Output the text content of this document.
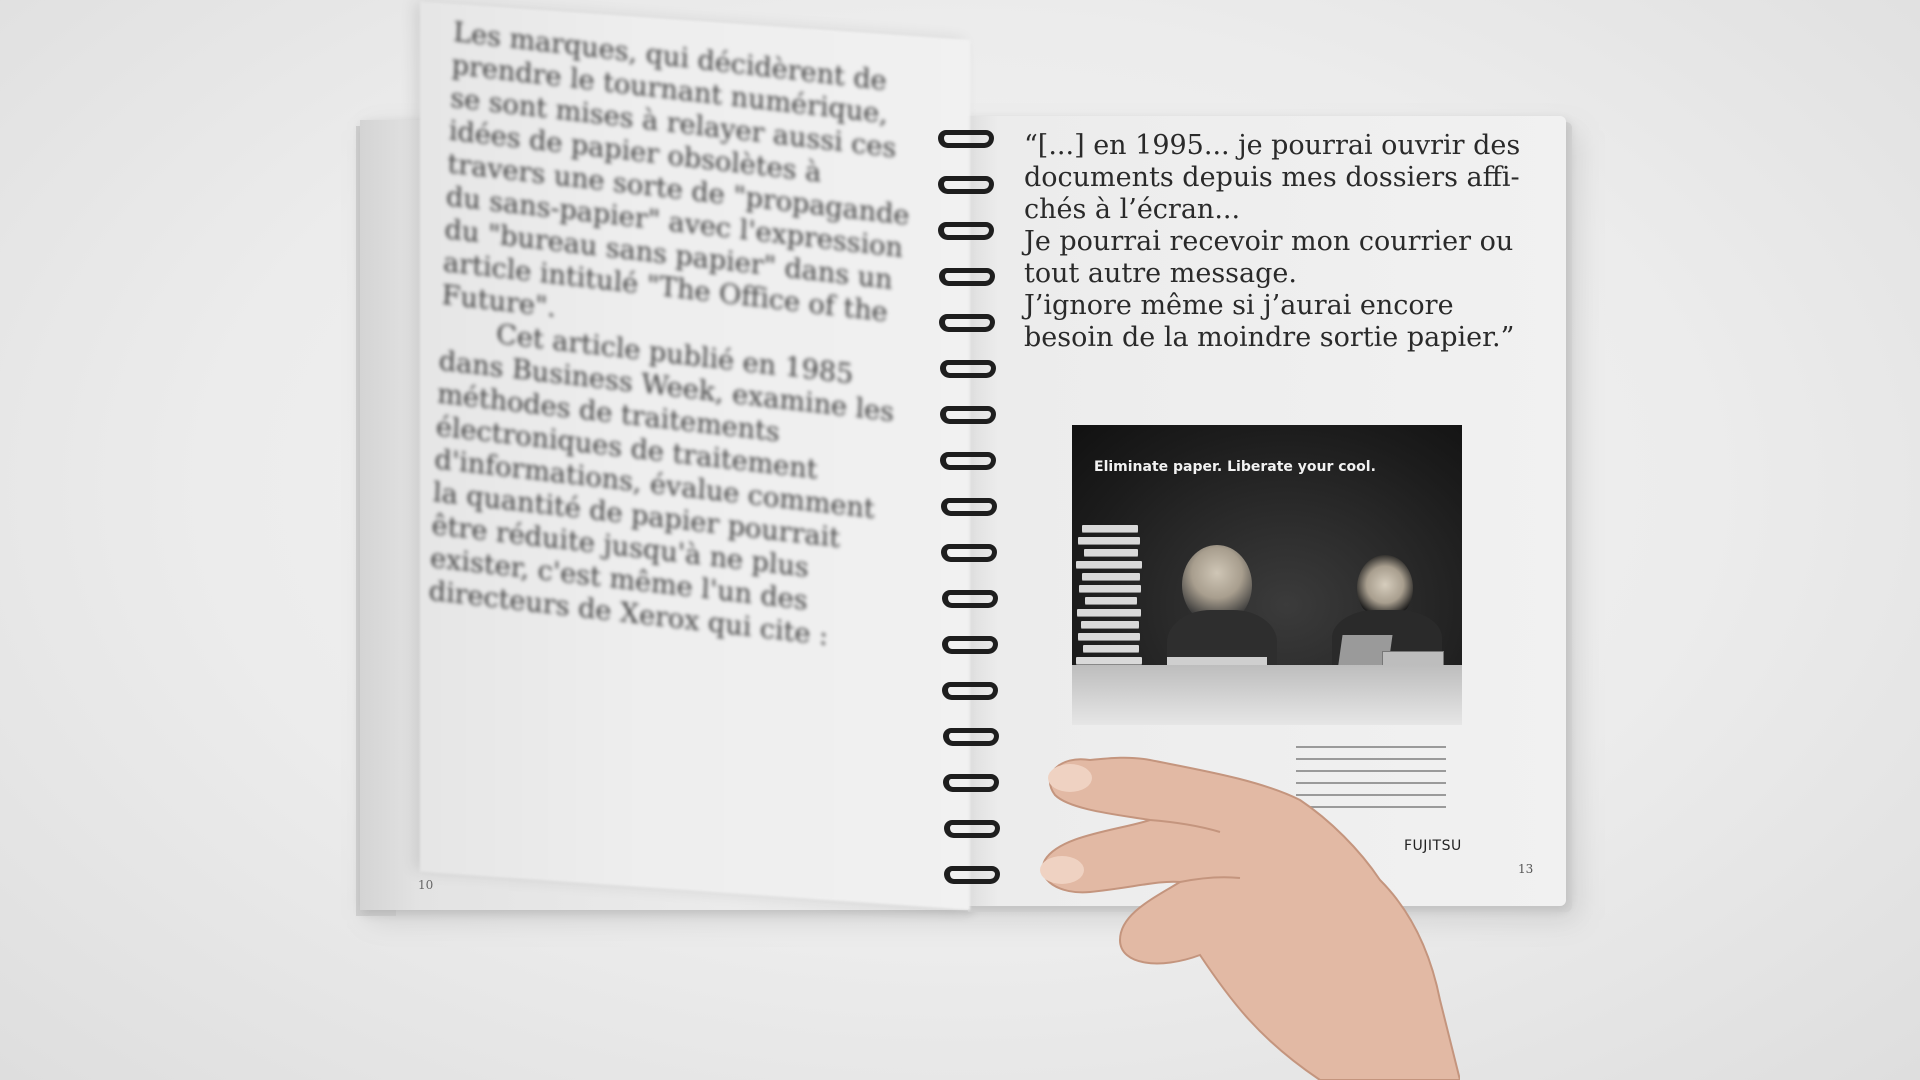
“[...] en 1995... je pourrai ouvrir des

documents depuis mes dossiers affi-

chés à l’écran...

Je pourrai recevoir mon courrier ou

tout autre message.

J’ignore même si j’aurai encore

besoin de la moindre sortie papier.”

Eliminate paper. Liberate your cool.
FUJITSU
13

Les marques, qui décidèrent de prendre le tournant numérique, se sont mises à relayer aussi ces idées de papier obsolètes à travers une sorte de "propagande du sans-papier" avec l'expression du "bureau sans papier" dans un article intitulé "The Office of the Future".

Cet article publié en 1985 dans Business Week, examine les méthodes de traitements électroniques de traitement d'informations, évalue comment la quantité de papier pourrait être réduite jusqu'à ne plus exister, c'est même l'un des directeurs de Xerox qui cite :

10
